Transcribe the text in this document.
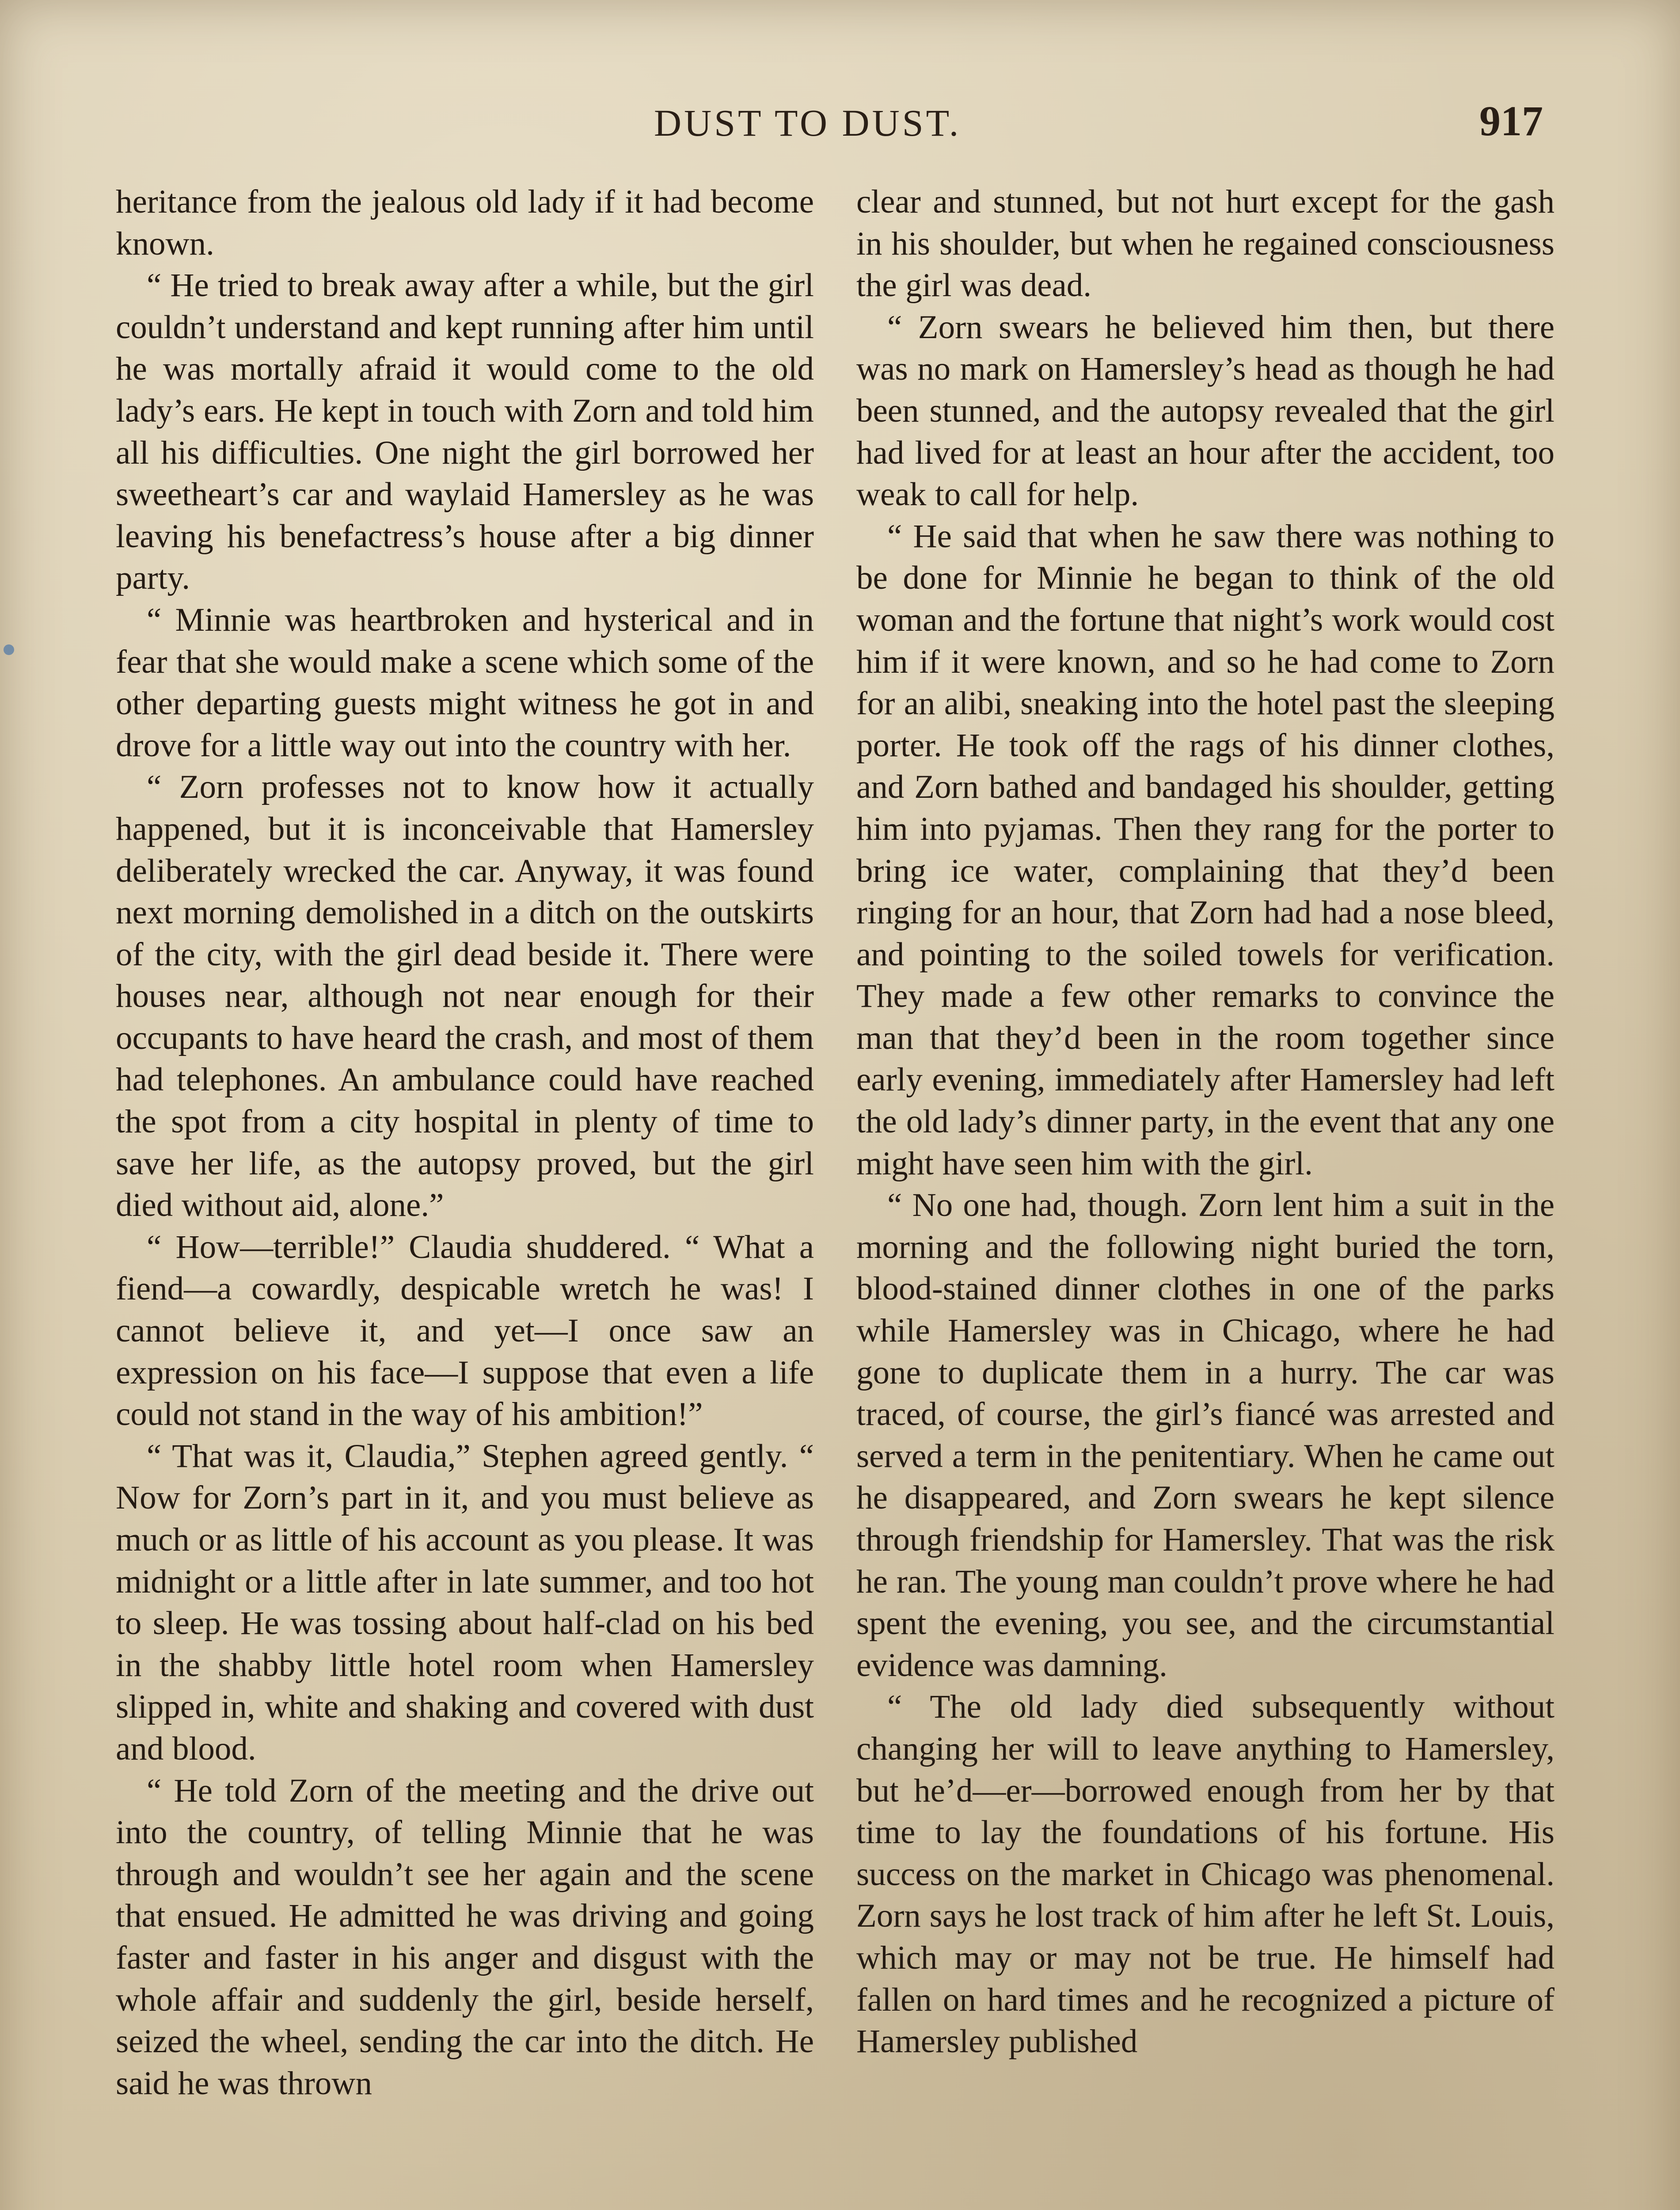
DUST TO DUST.	917

heritance from the jealous old lady if it had become known.

“ He tried to break away after a while, but the girl couldn’t understand and kept running after him until he was mortally afraid it would come to the old lady’s ears. He kept in touch with Zorn and told him all his difficulties. One night the girl borrowed her sweetheart’s car and waylaid Hamersley as he was leaving his benefactress’s house after a big dinner party.

“ Minnie was heartbroken and hysterical and in fear that she would make a scene which some of the other departing guests might witness he got in and drove for a little way out into the country with her.

“ Zorn professes not to know how it actually happened, but it is inconceivable that Hamersley deliberately wrecked the car. Anyway, it was found next morning demolished in a ditch on the outskirts of the city, with the girl dead beside it. There were houses near, although not near enough for their occupants to have heard the crash, and most of them had telephones. An ambulance could have reached the spot from a city hospital in plenty of time to save her life, as the autopsy proved, but the girl died without aid, alone.”

“ How—terrible!” Claudia shuddered. “ What a fiend—a cowardly, despicable wretch he was! I cannot believe it, and yet—I once saw an expression on his face—I suppose that even a life could not stand in the way of his ambition!”

“ That was it, Claudia,” Stephen agreed gently. “ Now for Zorn’s part in it, and you must believe as much or as little of his account as you please. It was midnight or a little after in late summer, and too hot to sleep. He was tossing about half-clad on his bed in the shabby little hotel room when Hamersley slipped in, white and shaking and covered with dust and blood.

“ He told Zorn of the meeting and the drive out into the country, of telling Minnie that he was through and wouldn’t see her again and the scene that ensued. He admitted he was driving and going faster and faster in his anger and disgust with the whole affair and suddenly the girl, beside herself, seized the wheel, sending the car into the ditch. He said he was thrown

clear and stunned, but not hurt except for the gash in his shoulder, but when he regained consciousness the girl was dead.

“ Zorn swears he believed him then, but there was no mark on Hamersley’s head as though he had been stunned, and the autopsy revealed that the girl had lived for at least an hour after the accident, too weak to call for help.

“ He said that when he saw there was nothing to be done for Minnie he began to think of the old woman and the fortune that night’s work would cost him if it were known, and so he had come to Zorn for an alibi, sneaking into the hotel past the sleeping porter. He took off the rags of his dinner clothes, and Zorn bathed and bandaged his shoulder, getting him into pyjamas. Then they rang for the porter to bring ice water, complaining that they’d been ringing for an hour, that Zorn had had a nose bleed, and pointing to the soiled towels for verification. They made a few other remarks to convince the man that they’d been in the room together since early evening, immediately after Hamersley had left the old lady’s dinner party, in the event that any one might have seen him with the girl.

“ No one had, though. Zorn lent him a suit in the morning and the following night buried the torn, blood-stained dinner clothes in one of the parks while Hamersley was in Chicago, where he had gone to duplicate them in a hurry. The car was traced, of course, the girl’s fiancé was arrested and served a term in the penitentiary. When he came out he disappeared, and Zorn swears he kept silence through friendship for Hamersley. That was the risk he ran. The young man couldn’t prove where he had spent the evening, you see, and the circumstantial evidence was damning.

“ The old lady died subsequently without changing her will to leave anything to Hamersley, but he’d—er—borrowed enough from her by that time to lay the foundations of his fortune. His success on the market in Chicago was phenomenal. Zorn says he lost track of him after he left St. Louis, which may or may not be true. He himself had fallen on hard times and he recognized a picture of Hamersley published
